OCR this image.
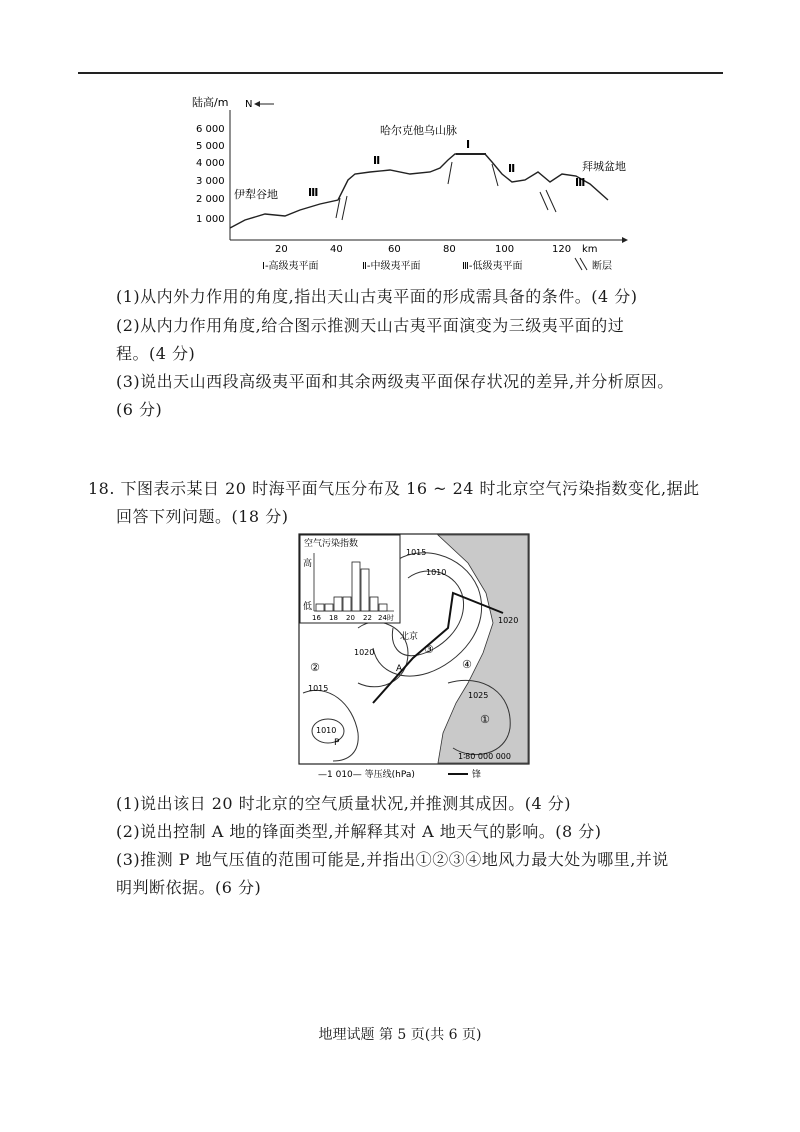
陆高/m N
6 000
5 000
4 000
3 000
2 000
1 000
20	40	60	80	100	120 km
哈尔克他乌山脉
伊犁谷地
拜城盆地
Ⅲ
Ⅱ
Ⅰ
Ⅱ
Ⅲ
Ⅰ-高级夷平面	Ⅱ-中级夷平面	Ⅲ-低级夷平面	断层
(1)从内外力作用的角度,指出天山古夷平面的形成需具备的条件。(4 分)
(2)从内力作用角度,给合图示推测天山古夷平面演变为三级夷平面的过
程。(4 分)
(3)说出天山西段高级夷平面和其余两级夷平面保存状况的差异,并分析原因。
(6 分)
18. 下图表示某日 20 时海平面气压分布及 16 ~ 24 时北京空气污染指数变化,据此
回答下列问题。(18 分)
空气污染指数
高
低
16 18 20 22 24时
1015
1010
1020
1015
1010
1025
1020
北京
A
P
①
②
③
④
1∶80 000 000
—1 010— 等压线(hPa)	锋
(1)说出该日 20 时北京的空气质量状况,并推测其成因。(4 分)
(2)说出控制 A 地的锋面类型,并解释其对 A 地天气的影响。(8 分)
(3)推测 P 地气压值的范围可能是,并指出①②③④地风力最大处为哪里,并说
明判断依据。(6 分)
地理试题 第 5 页(共 6 页)
